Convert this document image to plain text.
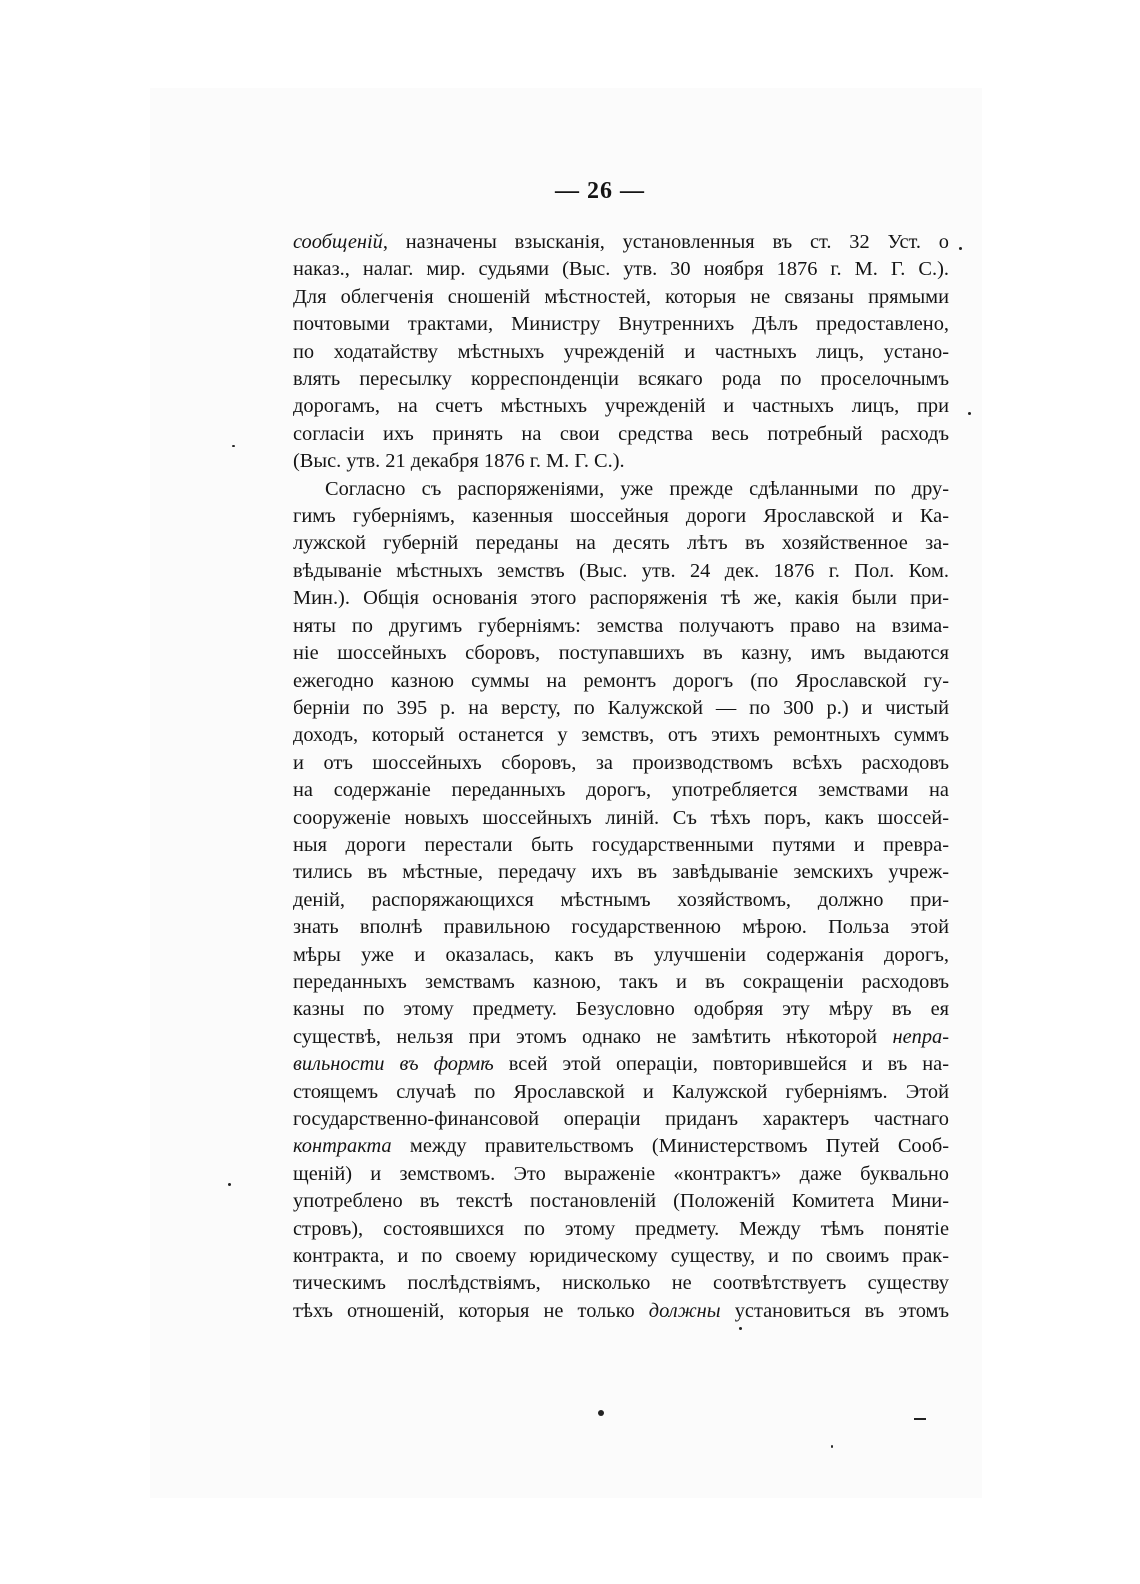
— 26 —
сообщеній, назначены взысканія, установленныя въ ст. 32 Уст. о
наказ., налаг. мир. судьями (Выс. утв. 30 ноября 1876 г. М. Г. С.).
Для облегченія сношеній мѣстностей, которыя не связаны прямыми
почтовыми трактами, Министру Внутреннихъ Дѣлъ предоставлено,
по ходатайству мѣстныхъ учрежденій и частныхъ лицъ, устано-
влять пересылку корреспонденціи всякаго рода по проселочнымъ
дорогамъ, на счетъ мѣстныхъ учрежденій и частныхъ лицъ, при
согласіи ихъ принять на свои средства весь потребный расходъ
(Выс. утв. 21 декабря 1876 г. М. Г. С.).
Согласно съ распоряженіями, уже прежде сдѣланными по дру-
гимъ губерніямъ, казенныя шоссейныя дороги Ярославской и Ка-
лужской губерній переданы на десять лѣтъ въ хозяйственное за-
вѣдываніе мѣстныхъ земствъ (Выс. утв. 24 дек. 1876 г. Пол. Ком.
Мин.). Общія основанія этого распоряженія тѣ же, какія были при-
няты по другимъ губерніямъ: земства получаютъ право на взима-
ніе шоссейныхъ сборовъ, поступавшихъ въ казну, имъ выдаются
ежегодно казною суммы на ремонтъ дорогъ (по Ярославской гу-
берніи по 395 р. на версту, по Калужской — по 300 р.) и чистый
доходъ, который останется у земствъ, отъ этихъ ремонтныхъ суммъ
и отъ шоссейныхъ сборовъ, за производствомъ всѣхъ расходовъ
на содержаніе переданныхъ дорогъ, употребляется земствами на
сооруженіе новыхъ шоссейныхъ линій. Съ тѣхъ поръ, какъ шоссей-
ныя дороги перестали быть государственными путями и превра-
тились въ мѣстные, передачу ихъ въ завѣдываніе земскихъ учреж-
деній, распоряжающихся мѣстнымъ хозяйствомъ, должно при-
знать вполнѣ правильною государственною мѣрою. Польза этой
мѣры уже и оказалась, какъ въ улучшеніи содержанія дорогъ,
переданныхъ земствамъ казною, такъ и въ сокращеніи расходовъ
казны по этому предмету. Безусловно одобряя эту мѣру въ ея
существѣ, нельзя при этомъ однако не замѣтить нѣкоторой непра-
вильности въ формѣ всей этой операціи, повторившейся и въ на-
стоящемъ случаѣ по Ярославской и Калужской губерніямъ. Этой
государственно-финансовой операціи приданъ характеръ частнаго
контракта между правительствомъ (Министерствомъ Путей Сооб-
щеній) и земствомъ. Это выраженіе «контрактъ» даже буквально
употреблено въ текстѣ постановленій (Положеній Комитета Мини-
стровъ), состоявшихся по этому предмету. Между тѣмъ понятіе
контракта, и по своему юридическому существу, и по своимъ прак-
тическимъ послѣдствіямъ, нисколько не соотвѣтствуетъ существу
тѣхъ отношеній, которыя не только должны установиться въ этомъ
